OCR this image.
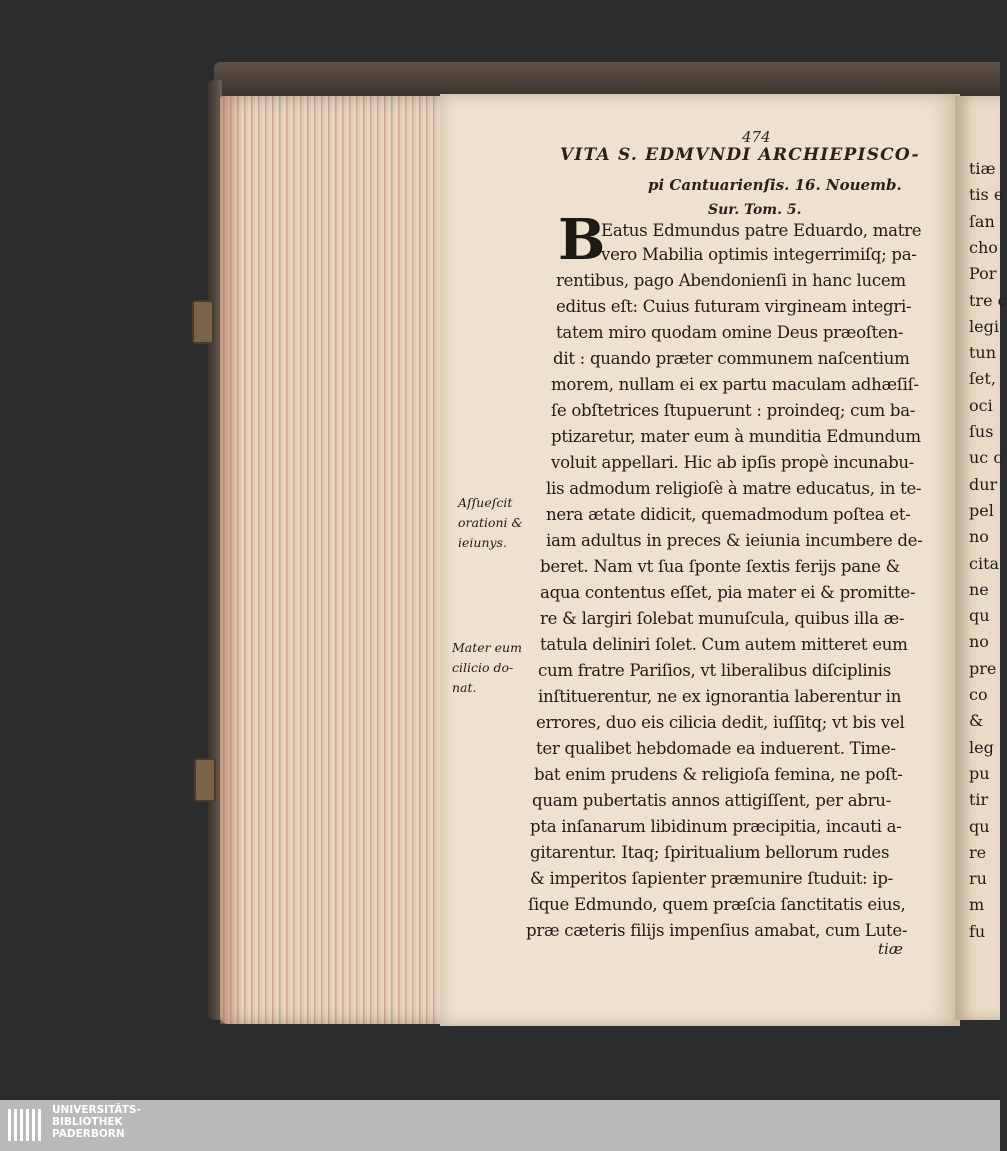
474
VITA S. EDMVNDI ARCHIEPISCO-
pi Cantuarienſis. 16. Nouemb.
Sur. Tom. 5.
B
Eatus Edmundus patre Eduardo, matre
vero Mabilia optimis integerrimiſq; pa-
rentibus, pago Abendonienſi in hanc lucem
editus eſt: Cuius futuram virgineam integri-
tatem miro quodam omine Deus præoſten-
dit : quando præter communem naſcentium
morem, nullam ei ex partu maculam adhæſiſ-
ſe obſtetrices ſtupuerunt : proindeq; cum ba-
ptizaretur, mater eum à munditia Edmundum
voluit appellari. Hic ab ipſis propè incunabu-
lis admodum religioſè à matre educatus, in te-
nera ætate didicit, quemadmodum poſtea et-
iam adultus in preces & ieiunia incumbere de-
beret. Nam vt ſua ſponte ſextis ferijs pane &
aqua contentus eſſet, pia mater ei & promitte-
re & largiri ſolebat munuſcula, quibus illa æ-
tatula deliniri ſolet. Cum autem mitteret eum
cum fratre Pariſios, vt liberalibus diſciplinis
inſtituerentur, ne ex ignorantia laberentur in
errores, duo eis cilicia dedit, iuſſitq; vt bis vel
ter qualibet hebdomade ea induerent. Time-
bat enim prudens & religioſa femina, ne poſt-
quam pubertatis annos attigiſſent, per abru-
pta inſanarum libidinum præcipitia, incauti a-
gitarentur. Itaq; ſpiritualium bellorum rudes
& imperitos ſapienter præmunire ſtuduit: ip-
ſique Edmundo, quem præſcia ſanctitatis eius,
præ cæteris filijs impenſius amabat, cum Lute-
Aſſueſcit
orationi &
ieiunys.
Mater eum
cilicio do-
nat.
tiæ
tiæ
tis e
ſan
cho
Por
tre c
legi
tun
ſet,
oci
ſus
uc c
dur
pel
no
cita
ne
qu
no
pre
co
&
leg
pu
tir
qu
re
ru
m
fu
UNIVERSITÄTS-
BIBLIOTHEK
PADERBORN
